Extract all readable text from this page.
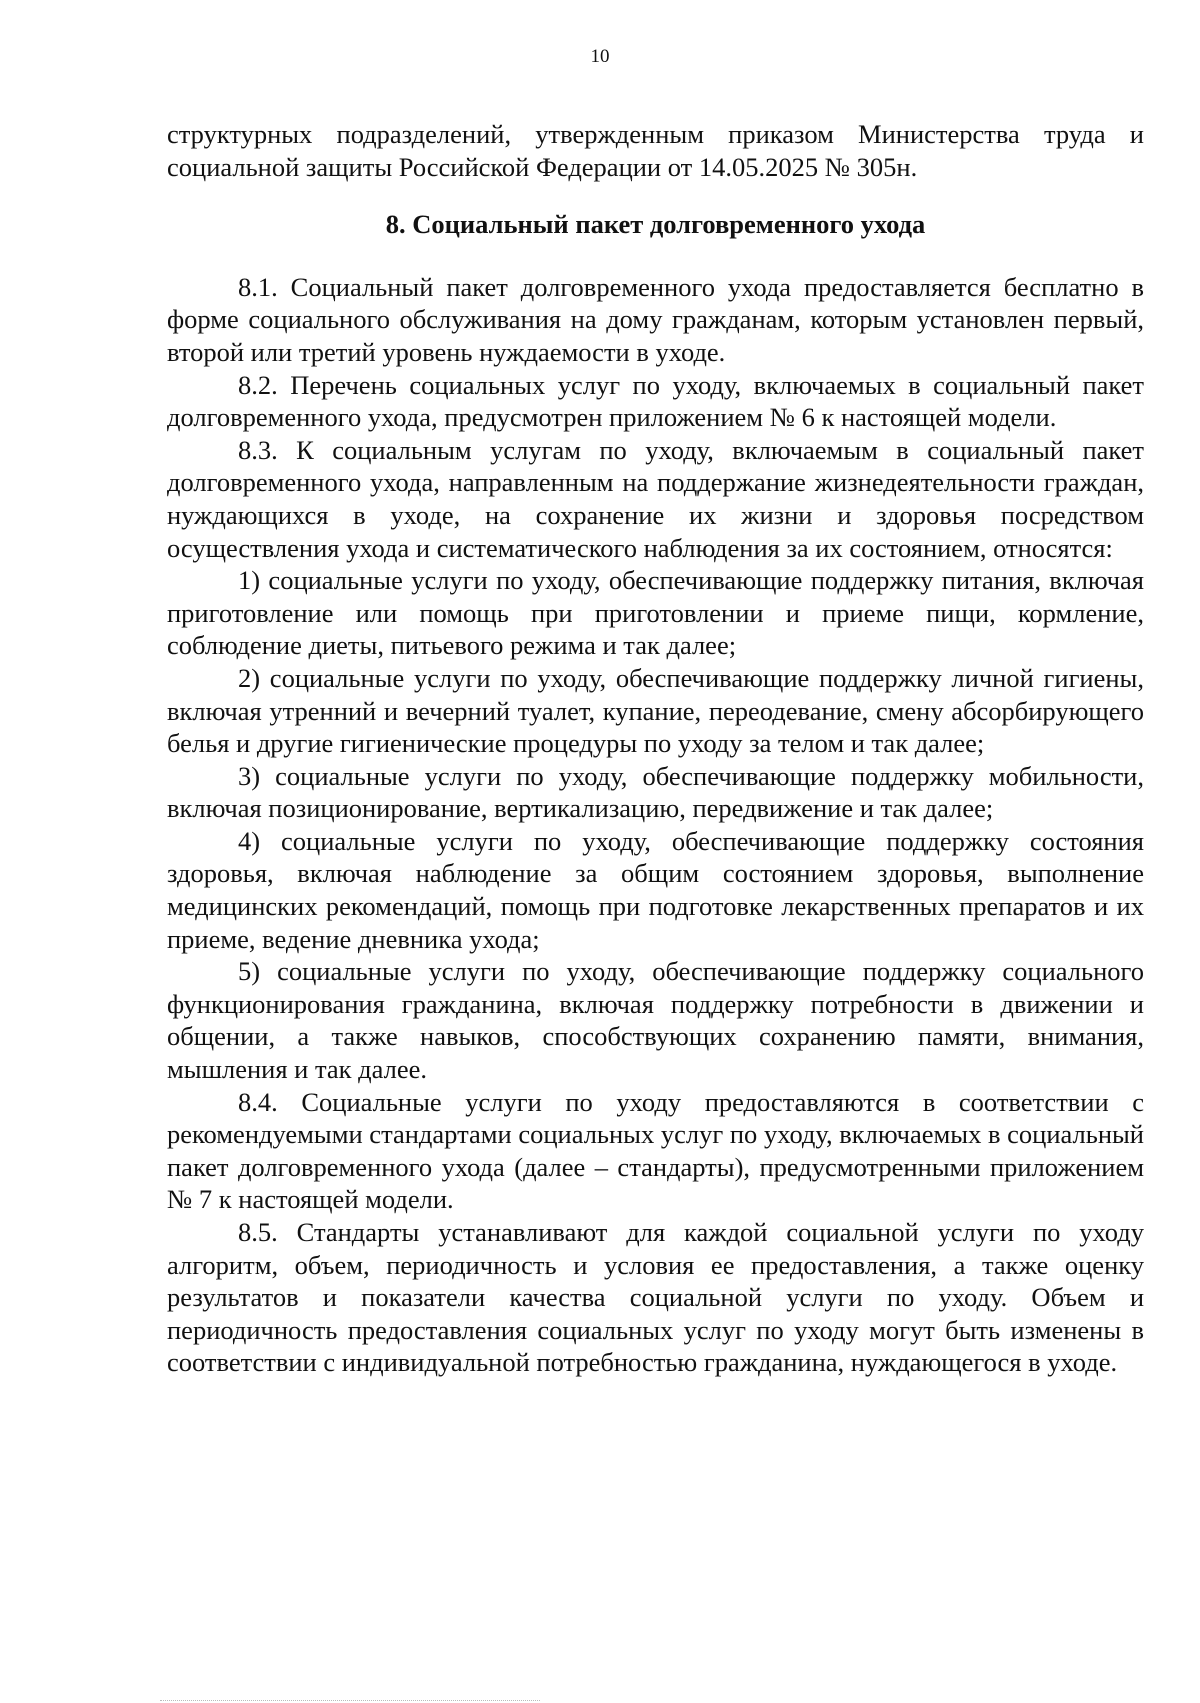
10

структурных подразделений, утвержденным приказом Министерства труда и социальной защиты Российской Федерации от 14.05.2025 № 305н.

8. Социальный пакет долговременного ухода

8.1. Социальный пакет долговременного ухода предоставляется бесплатно в форме социального обслуживания на дому гражданам, которым установлен первый, второй или третий уровень нуждаемости в уходе.

8.2. Перечень социальных услуг по уходу, включаемых в социальный пакет долговременного ухода, предусмотрен приложением № 6 к настоящей модели.

8.3. К социальным услугам по уходу, включаемым в социальный пакет долговременного ухода, направленным на поддержание жизнедеятельности граждан, нуждающихся в уходе, на сохранение их жизни и здоровья посредством осуществления ухода и систематического наблюдения за их состоянием, относятся:

1) социальные услуги по уходу, обеспечивающие поддержку питания, включая приготовление или помощь при приготовлении и приеме пищи, кормление, соблюдение диеты, питьевого режима и так далее;

2) социальные услуги по уходу, обеспечивающие поддержку личной гигиены, включая утренний и вечерний туалет, купание, переодевание, смену абсорбирующего белья и другие гигиенические процедуры по уходу за телом и так далее;

3) социальные услуги по уходу, обеспечивающие поддержку мобильности, включая позиционирование, вертикализацию, передвижение и так далее;

4) социальные услуги по уходу, обеспечивающие поддержку состояния здоровья, включая наблюдение за общим состоянием здоровья, выполнение медицинских рекомендаций, помощь при подготовке лекарственных препаратов и их приеме, ведение дневника ухода;

5) социальные услуги по уходу, обеспечивающие поддержку социального функционирования гражданина, включая поддержку потребности в движении и общении, а также навыков, способствующих сохранению памяти, внимания, мышления и так далее.

8.4. Социальные услуги по уходу предоставляются в соответствии с рекомендуемыми стандартами социальных услуг по уходу, включаемых в социальный пакет долговременного ухода (далее – стандарты), предусмотренными приложением № 7 к настоящей модели.

8.5. Стандарты устанавливают для каждой социальной услуги по уходу алгоритм, объем, периодичность и условия ее предоставления, а также оценку результатов и показатели качества социальной услуги по уходу. Объем и периодичность предоставления социальных услуг по уходу могут быть изменены в соответствии с индивидуальной потребностью гражданина, нуждающегося в уходе.
